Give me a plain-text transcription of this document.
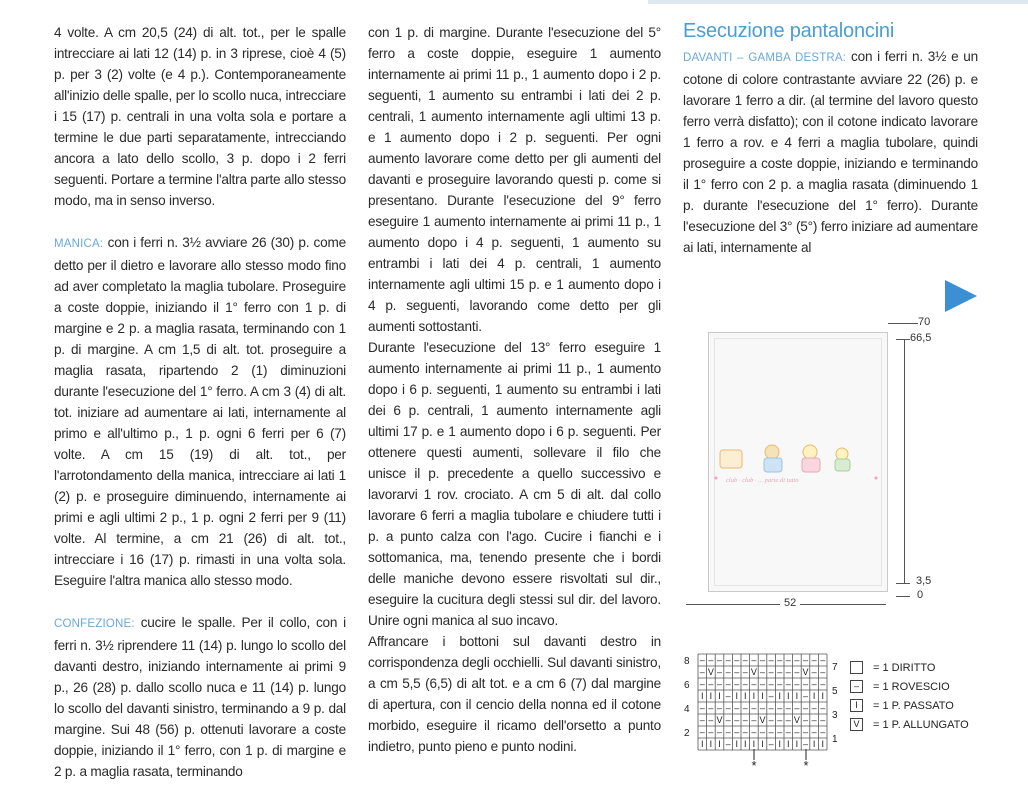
4 volte. A cm 20,5 (24) di alt. tot., per le spalle intrecciare ai lati 12 (14) p. in 3 riprese, cioè 4 (5) p. per 3 (2) volte (e 4 p.). Contemporaneamente all'inizio delle spalle, per lo scollo nuca, intrecciare i 15 (17) p. centrali in una volta sola e portare a termine le due parti separatamente, intrecciando ancora a lato dello scollo, 3 p. dopo i 2 ferri seguenti. Portare a termine l'altra parte allo stesso modo, ma in senso inverso.

MANICA: con i ferri n. 3½ avviare 26 (30) p. come detto per il dietro e lavorare allo stesso modo fino ad aver completato la maglia tubolare. Proseguire a coste doppie, iniziando il 1° ferro con 1 p. di margine e 2 p. a maglia rasata, terminando con 1 p. di margine. A cm 1,5 di alt. tot. proseguire a maglia rasata, ripartendo 2 (1) diminuzioni durante l'esecuzione del 1° ferro. A cm 3 (4) di alt. tot. iniziare ad aumentare ai lati, internamente al primo e all'ultimo p., 1 p. ogni 6 ferri per 6 (7) volte. A cm 15 (19) di alt. tot., per l'arrotondamento della manica, intrecciare ai lati 1 (2) p. e proseguire diminuendo, internamente ai primi e agli ultimi 2 p., 1 p. ogni 2 ferri per 9 (11) volte. Al termine, a cm 21 (26) di alt. tot., intrecciare i 16 (17) p. rimasti in una volta sola. Eseguire l'altra manica allo stesso modo.

CONFEZIONE: cucire le spalle. Per il collo, con i ferri n. 3½ riprendere 11 (14) p. lungo lo scollo del davanti destro, iniziando internamente ai primi 9 p., 26 (28) p. dallo scollo nuca e 11 (14) p. lungo lo scollo del davanti sinistro, terminando a 9 p. dal margine. Sui 48 (56) p. ottenuti lavorare a coste doppie, iniziando il 1° ferro, con 1 p. di margine e 2 p. a maglia rasata, terminando

con 1 p. di margine. Durante l'esecuzione del 5° ferro a coste doppie, eseguire 1 aumento internamente ai primi 11 p., 1 aumento dopo i 2 p. seguenti, 1 aumento su entrambi i lati dei 2 p. centrali, 1 aumento internamente agli ultimi 13 p. e 1 aumento dopo i 2 p. seguenti. Per ogni aumento lavorare come detto per gli aumenti del davanti e proseguire lavorando questi p. come si presentano. Durante l'esecuzione del 9° ferro eseguire 1 aumento internamente ai primi 11 p., 1 aumento dopo i 4 p. seguenti, 1 aumento su entrambi i lati dei 4 p. centrali, 1 aumento internamente agli ultimi 15 p. e 1 aumento dopo i 4 p. seguenti, lavorando come detto per gli aumenti sottostanti.

Durante l'esecuzione del 13° ferro eseguire 1 aumento internamente ai primi 11 p., 1 aumento dopo i 6 p. seguenti, 1 aumento su entrambi i lati dei 6 p. centrali, 1 aumento internamente agli ultimi 17 p. e 1 aumento dopo i 6 p. seguenti. Per ottenere questi aumenti, sollevare il filo che unisce il p. precedente a quello successivo e lavorarvi 1 rov. crociato. A cm 5 di alt. dal collo lavorare 6 ferri a maglia tubolare e chiudere tutti i p. a punto calza con l'ago. Cucire i fianchi e i sottomanica, ma, tenendo presente che i bordi delle maniche devono essere risvoltati sul dir., eseguire la cucitura degli stessi sul dir. del lavoro. Unire ogni manica al suo incavo.

Affrancare i bottoni sul davanti destro in corrispondenza degli occhielli. Sul davanti sinistro, a cm 5,5 (6,5) di alt tot. e a cm 6 (7) dal margine di apertura, con il cencio della nonna ed il cotone morbido, eseguire il ricamo dell'orsetto a punto indietro, punto pieno e punto nodini.

Esecuzione pantaloncini

DAVANTI – GAMBA DESTRA: con i ferri n. 3½ e un cotone di colore contrastante avviare 22 (26) p. e lavorare 1 ferro a dir. (al termine del lavoro questo ferro verrà disfatto); con il cotone indicato lavorare 1 ferro a rov. e 4 ferri a maglia tubolare, quindi proseguire a coste doppie, iniziando e terminando il 1° ferro con 2 p. a maglia rasata (diminuendo 1 p. durante l'esecuzione del 1° ferro). Durante l'esecuzione del 3° (5°) ferro iniziare ad aumentare ai lati, internamente al

club · club · ... parte di tutto
70
66,5
3,5
0
52
8
6
4
2
7
5
3
1
– – – – – – – – – – – – – – –
– V – – – – V – – – – – V – –
– – – – – – – – – – – – – – –
I I I – I I I I – I I I – I I
– – – – – – – – – – – – – – –
– – V – – – – V – – – V – – –
– – – – – – – – – – – – – – –
I I I – I I I I – I I I – I I
*	*
= 1 DIRITTO
–	= 1 ROVESCIO
I	= 1 P. PASSATO
V	= 1 P. ALLUNGATO
